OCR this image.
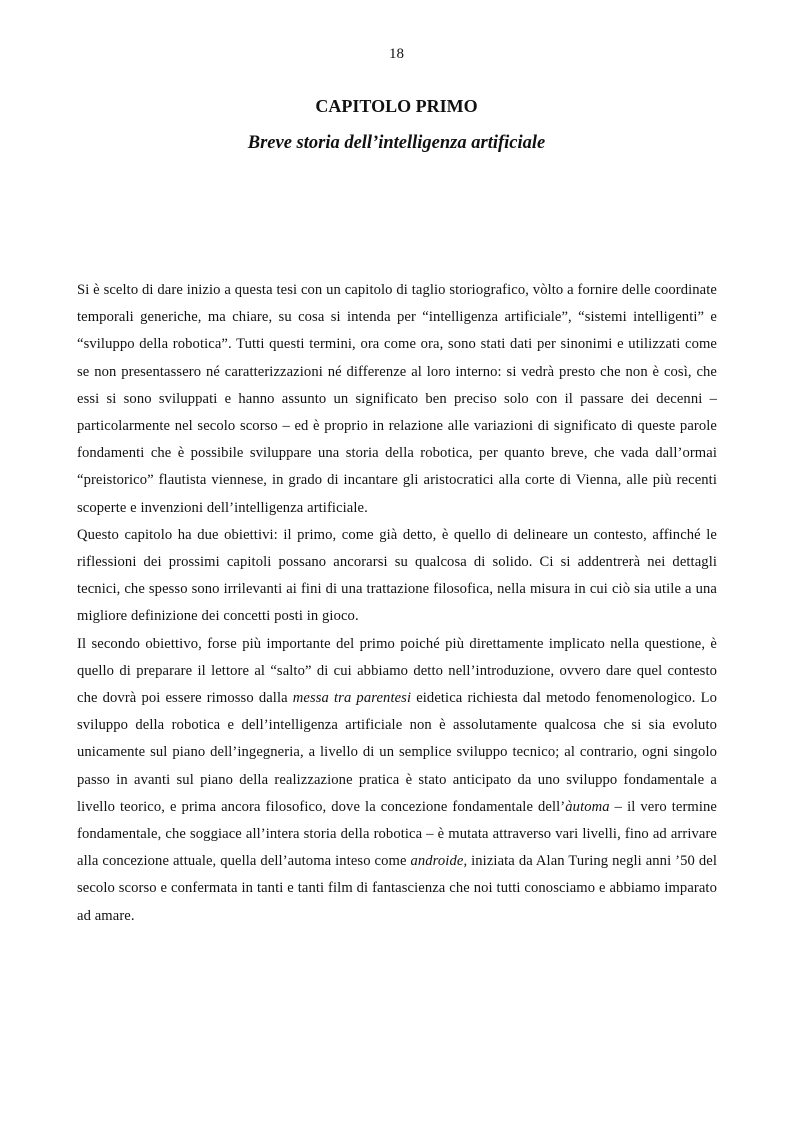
18
CAPITOLO PRIMO
Breve storia dell’intelligenza artificiale

Si è scelto di dare inizio a questa tesi con un capitolo di taglio storiografico, vòlto a fornire delle coordinate temporali generiche, ma chiare, su cosa si intenda per “intelligenza artificiale”, “sistemi intelligenti” e “sviluppo della robotica”. Tutti questi termini, ora come ora, sono stati dati per sinonimi e utilizzati come se non presentassero né caratterizzazioni né differenze al loro interno: si vedrà presto che non è così, che essi si sono sviluppati e hanno assunto un significato ben preciso solo con il passare dei decenni – particolarmente nel secolo scorso – ed è proprio in relazione alle variazioni di significato di queste parole fondamenti che è possibile sviluppare una storia della robotica, per quanto breve, che vada dall’ormai “preistorico” flautista viennese, in grado di incantare gli aristocratici alla corte di Vienna, alle più recenti scoperte e invenzioni dell’intelligenza artificiale.

Questo capitolo ha due obiettivi: il primo, come già detto, è quello di delineare un contesto, affinché le riflessioni dei prossimi capitoli possano ancorarsi su qualcosa di solido. Ci si addentrerà nei dettagli tecnici, che spesso sono irrilevanti ai fini di una trattazione filosofica, nella misura in cui ciò sia utile a una migliore definizione dei concetti posti in gioco.

Il secondo obiettivo, forse più importante del primo poiché più direttamente implicato nella questione, è quello di preparare il lettore al “salto” di cui abbiamo detto nell’introduzione, ovvero dare quel contesto che dovrà poi essere rimosso dalla messa tra parentesi eidetica richiesta dal metodo fenomenologico. Lo sviluppo della robotica e dell’intelligenza artificiale non è assolutamente qualcosa che si sia evoluto unicamente sul piano dell’ingegneria, a livello di un semplice sviluppo tecnico; al contrario, ogni singolo passo in avanti sul piano della realizzazione pratica è stato anticipato da uno sviluppo fondamentale a livello teorico, e prima ancora filosofico, dove la concezione fondamentale dell’àutoma – il vero termine fondamentale, che soggiace all’intera storia della robotica – è mutata attraverso vari livelli, fino ad arrivare alla concezione attuale, quella dell’automa inteso come androide, iniziata da Alan Turing negli anni ’50 del secolo scorso e confermata in tanti e tanti film di fantascienza che noi tutti conosciamo e abbiamo imparato ad amare.
